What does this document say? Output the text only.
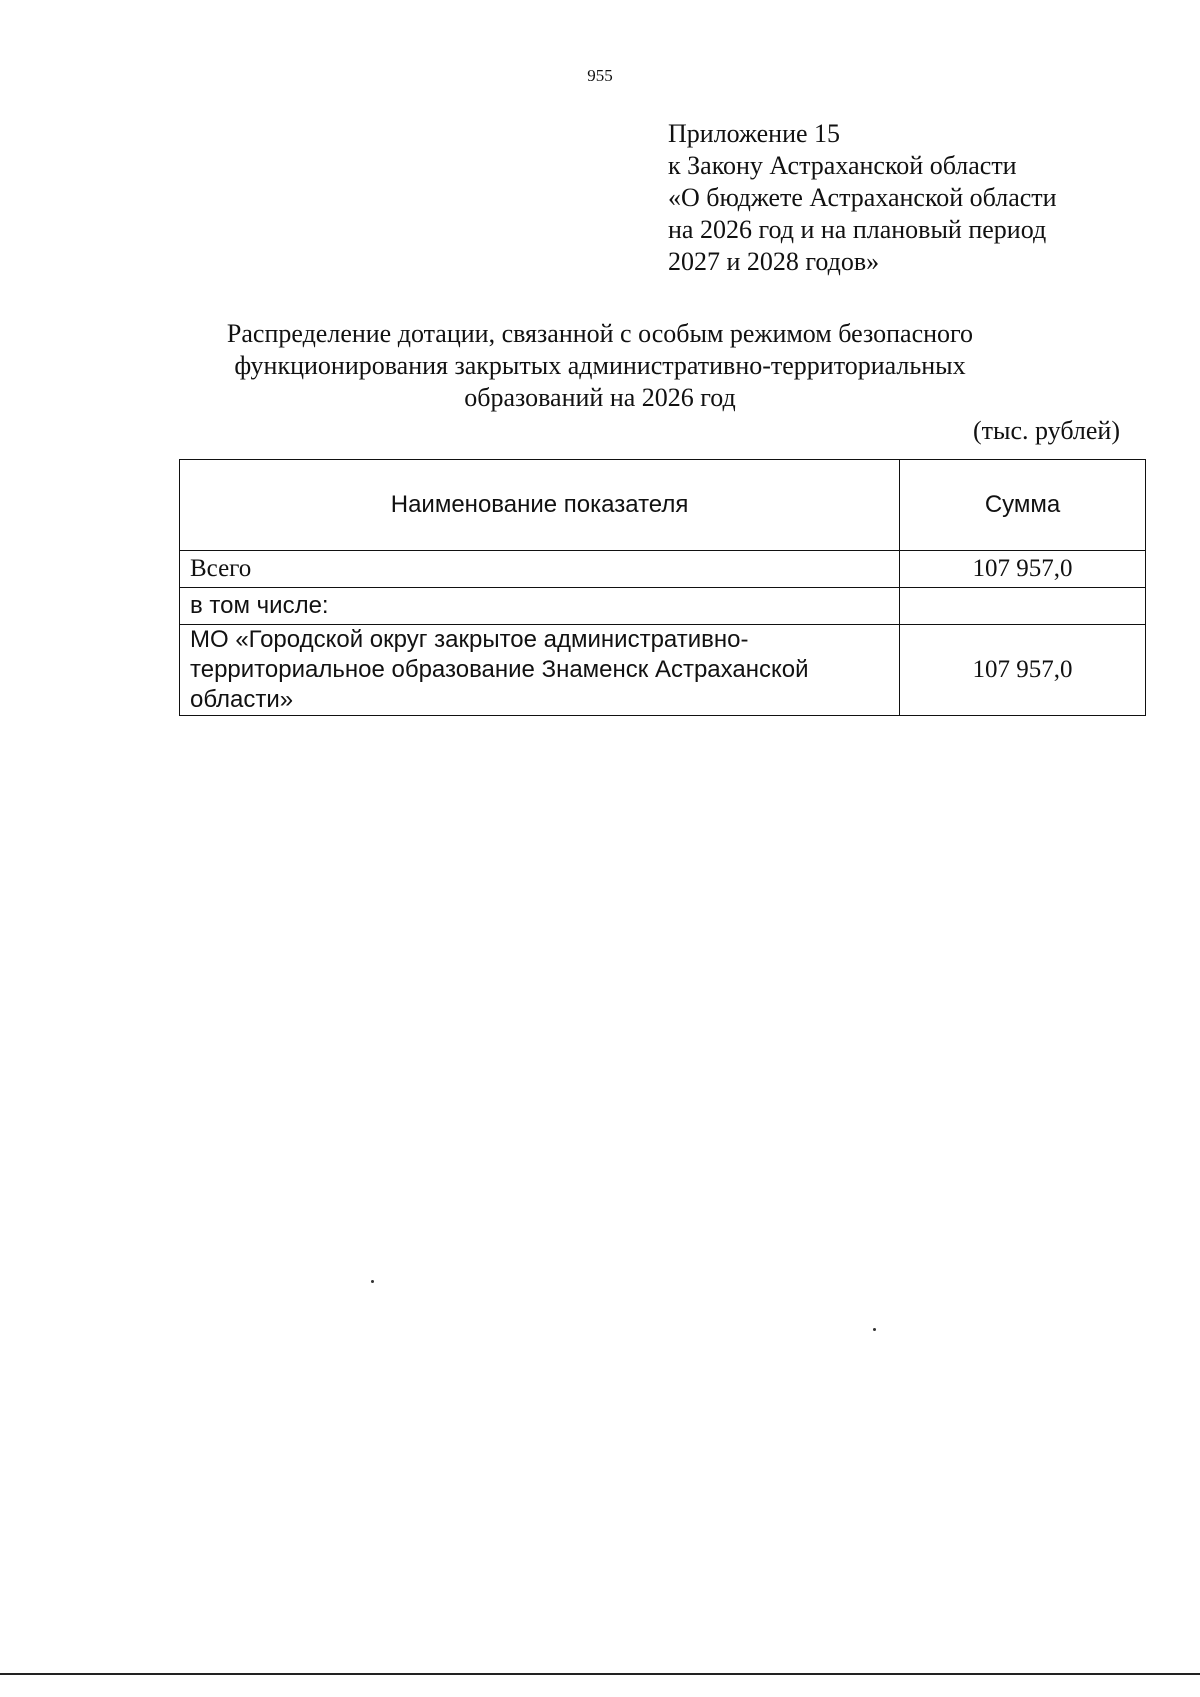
955
Приложение 15
к Закону Астраханской области
«О бюджете Астраханской области
на 2026 год и на плановый период
2027 и 2028 годов»
Распределение дотации, связанной с особым режимом безопасного
функционирования закрытых административно-территориальных
образований на 2026 год
(тыс. рублей)
Наименование показателя	Сумма
Всего	107 957,0
в том числе:	
МО «Городской округ закрытое административно-территориальное образование Знаменск Астраханской области»	107 957,0
